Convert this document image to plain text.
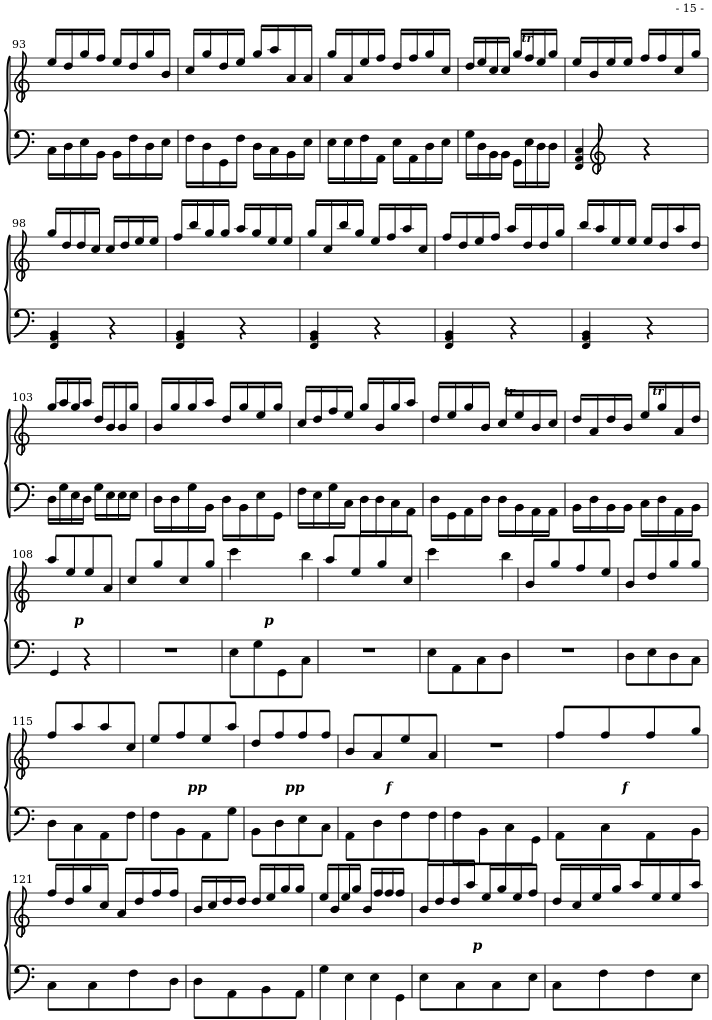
- 15 -
93	tr
98
103	tr	tr
108
p	p
115
pp	pp	f	f
121
p
